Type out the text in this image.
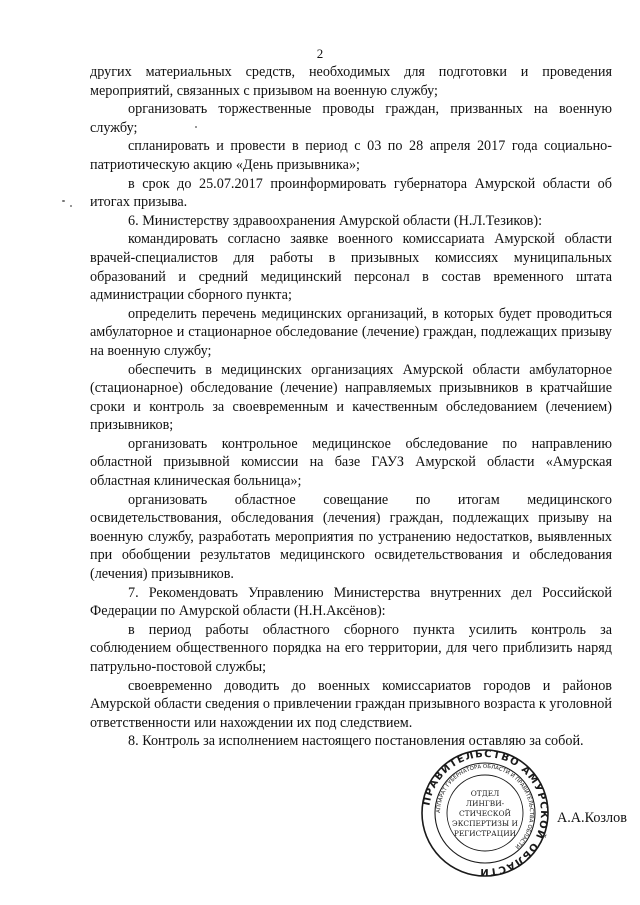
2

других материальных средств, необходимых для подготовки и проведения мероприятий, связанных с призывом на военную службу;

организовать торжественные проводы граждан, призванных на военную службу;

спланировать и провести в период с 03 по 28 апреля 2017 года социально-патриотическую акцию «День призывника»;

в срок до 25.07.2017 проинформировать губернатора Амурской области об итогах призыва.

6. Министерству здравоохранения Амурской области (Н.Л.Тезиков):

командировать согласно заявке военного комиссариата Амурской области врачей-специалистов для работы в призывных комиссиях муниципальных образований и средний медицинский персонал в состав временного штата администрации сборного пункта;

определить перечень медицинских организаций, в которых будет проводиться амбулаторное и стационарное обследование (лечение) граждан, подлежащих призыву на военную службу;

обеспечить в медицинских организациях Амурской области амбулаторное (стационарное) обследование (лечение) направляемых призывников в кратчайшие сроки и контроль за своевременным и качественным обследованием (лечением) призывников;

организовать контрольное медицинское обследование по направлению областной призывной комиссии на базе ГАУЗ Амурской области «Амурская областная клиническая больница»;

организовать областное совещание по итогам медицинского освидетельствования, обследования (лечения) граждан, подлежащих призыву на военную службу, разработать мероприятия по устранению недостатков, выявленных при обобщении результатов медицинского освидетельствования и обследования (лечения) призывников.

7. Рекомендовать Управлению Министерства внутренних дел Российской Федерации по Амурской области (Н.Н.Аксёнов):

в период работы областного сборного пункта усилить контроль за соблюдением общественного порядка на его территории, для чего приблизить наряд патрульно-постовой службы;

своевременно доводить до военных комиссариатов городов и районов Амурской области сведения о привлечении граждан призывного возраста к уголовной ответственности или нахождении их под следствием.

8. Контроль за исполнением настоящего постановления оставляю за собой.

ПРАВИТЕЛЬСТВО АМУРСКОЙ ОБЛАСТИ
АППАРАТ ГУБЕРНАТОРА ОБЛАСТИ И ПРАВИТЕЛЬСТВА ОБЛАСТИ
ОТДЕЛ
ЛИНГВИ-
СТИЧЕСКОЙ
ЭКСПЕРТИЗЫ И
РЕГИСТРАЦИИ
А.А.Козлов
